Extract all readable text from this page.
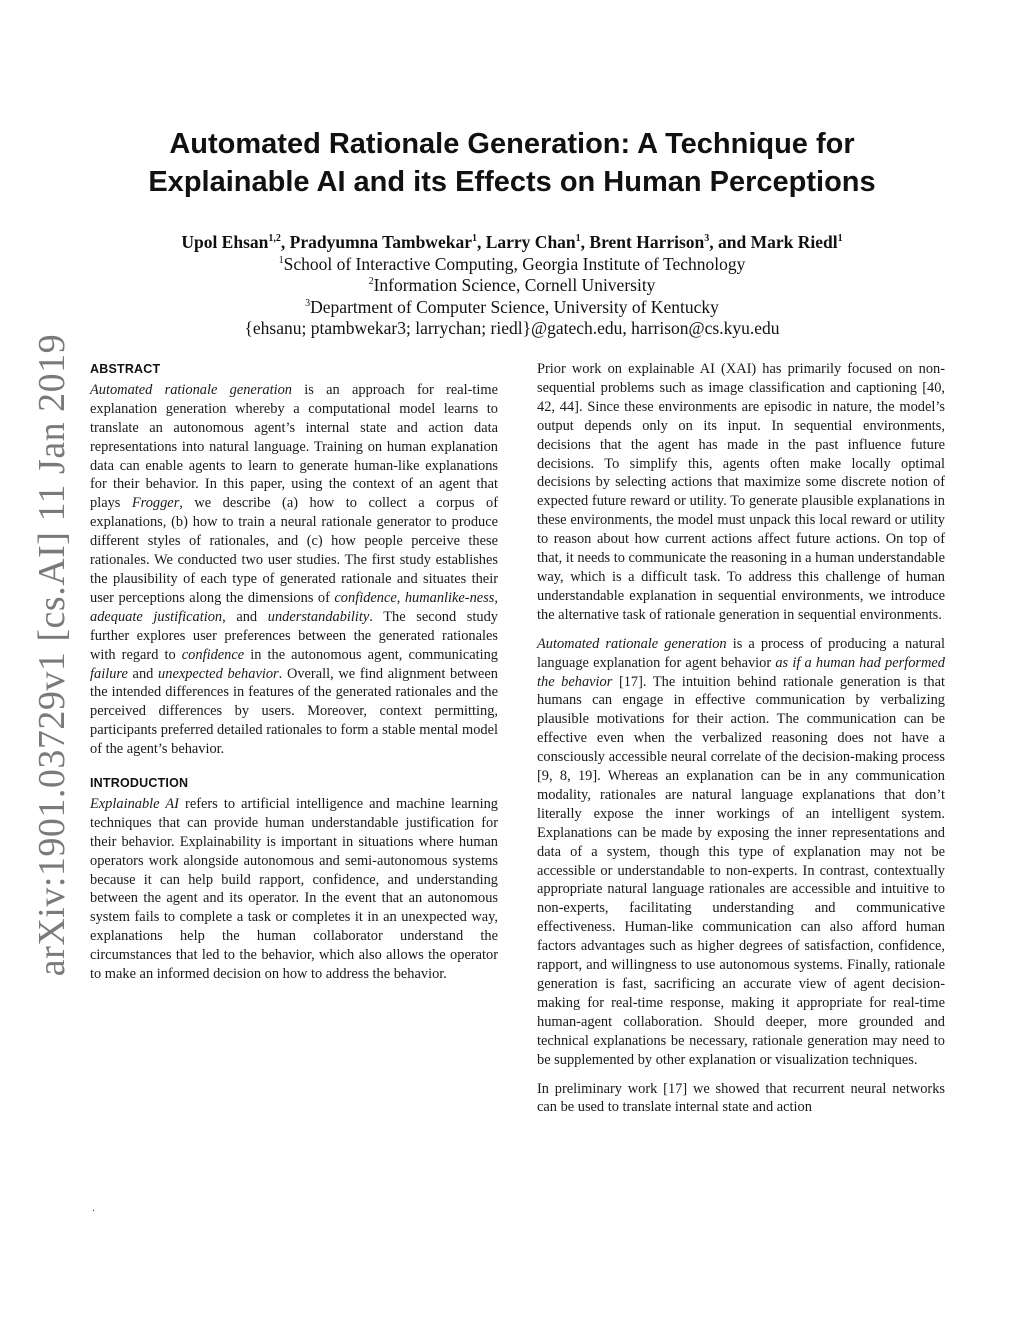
Automated Rationale Generation: A Technique for
Explainable AI and its Effects on Human Perceptions
Upol Ehsan$^{1,2}$, Pradyumna Tambwekar$^1$, Larry Chan$^1$, Brent Harrison$^3$, and Mark Riedl$^1$
$^1$School of Interactive Computing, Georgia Institute of Technology
$^2$Information Science, Cornell University
$^3$Department of Computer Science, University of Kentucky
{ehsanu; ptambwekar3; larrychan; riedl}@gatech.edu, harrison@cs.kyu.edu
arXiv:1901.03729v1 [cs.AI] 11 Jan 2019 ABSTRACT

Automated rationale generation is an approach for real-time explanation generation whereby a computational model learns to translate an autonomous agent’s internal state and action data representations into natural language. Training on human explanation data can enable agents to learn to generate human-like explanations for their behavior. In this paper, using the context of an agent that plays Frogger, we describe (a) how to collect a corpus of explanations, (b) how to train a neural rationale generator to produce different styles of rationales, and (c) how people perceive these rationales. We conducted two user studies. The first study establishes the plausibility of each type of generated rationale and situates their user perceptions along the dimensions of confidence, humanlike-ness, adequate justification, and understandability. The second study further explores user preferences between the generated rationales with regard to confidence in the autonomous agent, communicating failure and unexpected behavior. Overall, we find alignment between the intended differences in features of the generated rationales and the perceived differences by users. Moreover, context permitting, participants preferred detailed rationales to form a stable mental model of the agent’s behavior.

INTRODUCTION

Explainable AI refers to artificial intelligence and machine learning techniques that can provide human understandable justification for their behavior. Explainability is important in situations where human operators work alongside autonomous and semi-autonomous systems because it can help build rapport, confidence, and understanding between the agent and its operator. In the event that an autonomous system fails to complete a task or completes it in an unexpected way, explanations help the human collaborator understand the circumstances that led to the behavior, which also allows the operator to make an informed decision on how to address the behavior.

Prior work on explainable AI (XAI) has primarily focused on non-sequential problems such as image classification and captioning [40, 42, 44]. Since these environments are episodic in nature, the model’s output depends only on its input. In sequential environments, decisions that the agent has made in the past influence future decisions. To simplify this, agents often make locally optimal decisions by selecting actions that maximize some discrete notion of expected future reward or utility. To generate plausible explanations in these environments, the model must unpack this local reward or utility to reason about how current actions affect future actions. On top of that, it needs to communicate the reasoning in a human understandable way, which is a difficult task. To address this challenge of human understandable explanation in sequential environments, we introduce the alternative task of rationale generation in sequential environments.

Automated rationale generation is a process of producing a natural language explanation for agent behavior as if a human had performed the behavior [17]. The intuition behind rationale generation is that humans can engage in effective communication by verbalizing plausible motivations for their action. The communication can be effective even when the verbalized reasoning does not have a consciously accessible neural correlate of the decision-making process [9, 8, 19]. Whereas an explanation can be in any communication modality, rationales are natural language explanations that don’t literally expose the inner workings of an intelligent system. Explanations can be made by exposing the inner representations and data of a system, though this type of explanation may not be accessible or understandable to non-experts. In contrast, contextually appropriate natural language rationales are accessible and intuitive to non-experts, facilitating understanding and communicative effectiveness. Human-like communication can also afford human factors advantages such as higher degrees of satisfaction, confidence, rapport, and willingness to use autonomous systems. Finally, rationale generation is fast, sacrificing an accurate view of agent decision-making for real-time response, making it appropriate for real-time human-agent collaboration. Should deeper, more grounded and technical explanations be necessary, rationale generation may need to be supplemented by other explanation or visualization techniques.

In preliminary work [17] we showed that recurrent neural networks can be used to translate internal state and action

.
